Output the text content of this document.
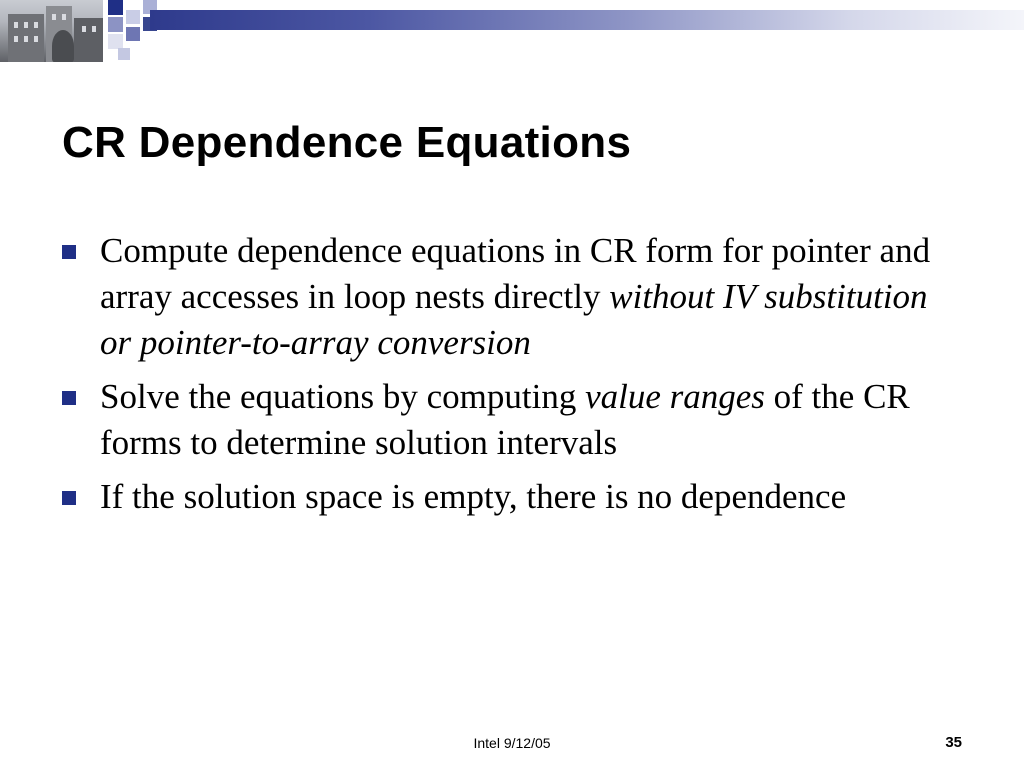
CR Dependence Equations
Compute dependence equations in CR form for pointer and array accesses in loop nests directly without IV substitution or pointer-to-array conversion
Solve the equations by computing value ranges of the CR forms to determine solution intervals
If the solution space is empty, there is no dependence
Intel 9/12/05	35
